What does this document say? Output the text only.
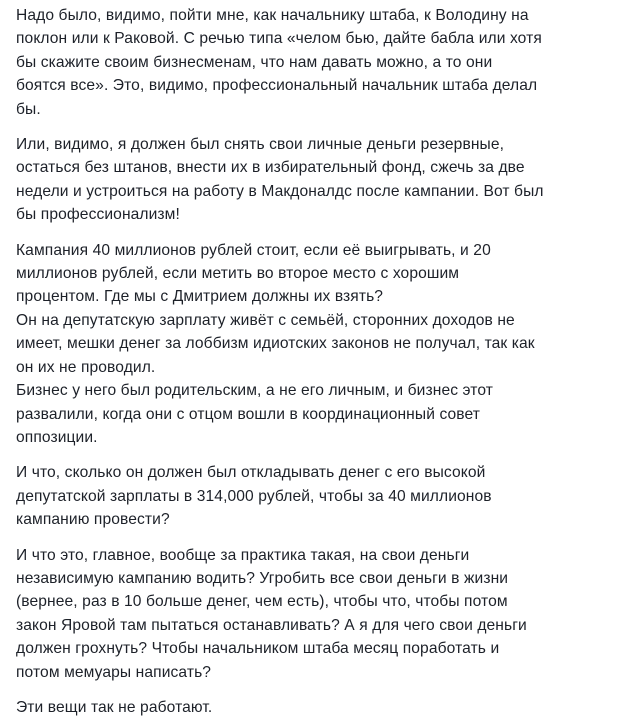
Надо было, видимо, пойти мне, как начальнику штаба, к Володину на
поклон или к Раковой. С речью типа «челом бью, дайте бабла или хотя
бы скажите своим бизнесменам, что нам давать можно, а то они
боятся все». Это, видимо, профессиональный начальник штаба делал
бы.

Или, видимо, я должен был снять свои личные деньги резервные,
остаться без штанов, внести их в избирательный фонд, сжечь за две
недели и устроиться на работу в Макдоналдс после кампании. Вот был
бы профессионализм!

Кампания 40 миллионов рублей стоит, если её выигрывать, и 20
миллионов рублей, если метить во второе место с хорошим
процентом. Где мы с Дмитрием должны их взять?
Он на депутатскую зарплату живёт с семьёй, сторонних доходов не
имеет, мешки денег за лоббизм идиотских законов не получал, так как
он их не проводил.
Бизнес у него был родительским, а не его личным, и бизнес этот
развалили, когда они с отцом вошли в координационный совет
оппозиции.

И что, сколько он должен был откладывать денег с его высокой
депутатской зарплаты в 314,000 рублей, чтобы за 40 миллионов
кампанию провести?

И что это, главное, вообще за практика такая, на свои деньги
независимую кампанию водить? Угробить все свои деньги в жизни
(вернее, раз в 10 больше денег, чем есть), чтобы что, чтобы потом
закон Яровой там пытаться останавливать? А я для чего свои деньги
должен грохнуть? Чтобы начальником штаба месяц поработать и
потом мемуары написать?

Эти вещи так не работают.
